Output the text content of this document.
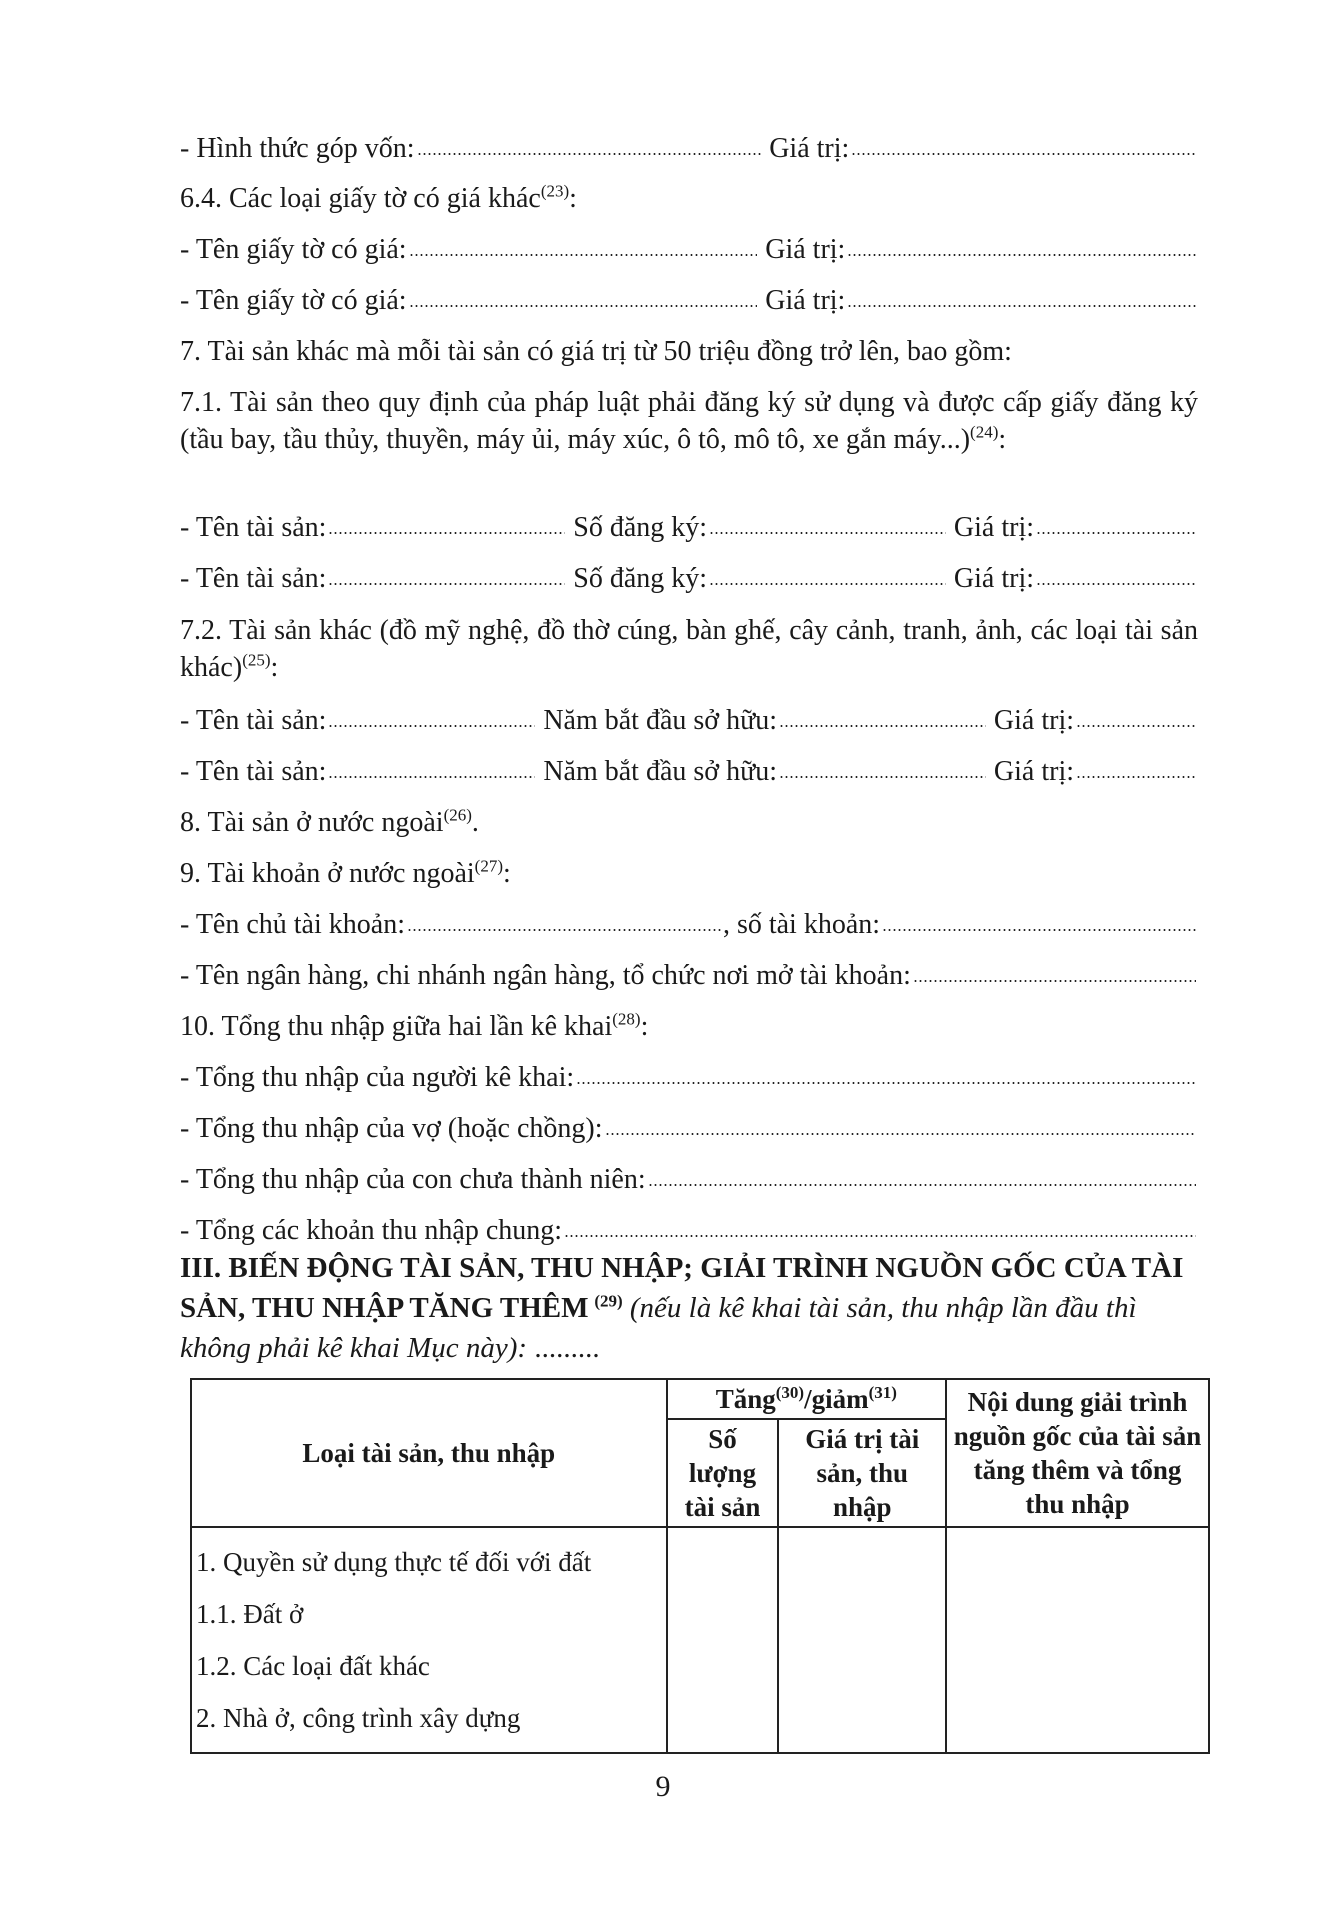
- Hình thức góp vốn:	Giá trị:
6.4. Các loại giấy tờ có giá khác$^{(23)}$:
- Tên giấy tờ có giá:	Giá trị:
- Tên giấy tờ có giá:	Giá trị:
7. Tài sản khác mà mỗi tài sản có giá trị từ 50 triệu đồng trở lên, bao gồm:
7.1. Tài sản theo quy định của pháp luật phải đăng ký sử dụng và được cấp giấy đăng ký (tầu bay, tầu thủy, thuyền, máy ủi, máy xúc, ô tô, mô tô, xe gắn máy...)$^{(24)}$:
- Tên tài sản:	Số đăng ký:	Giá trị:
- Tên tài sản:	Số đăng ký:	Giá trị:
7.2. Tài sản khác (đồ mỹ nghệ, đồ thờ cúng, bàn ghế, cây cảnh, tranh, ảnh, các loại tài sản khác)$^{(25)}$:
- Tên tài sản:	Năm bắt đầu sở hữu:	Giá trị:
- Tên tài sản:	Năm bắt đầu sở hữu:	Giá trị:
8. Tài sản ở nước ngoài$^{(26)}$.
9. Tài khoản ở nước ngoài$^{(27)}$:
- Tên chủ tài khoản:	, số tài khoản:
- Tên ngân hàng, chi nhánh ngân hàng, tổ chức nơi mở tài khoản:
10. Tổng thu nhập giữa hai lần kê khai$^{(28)}$:
- Tổng thu nhập của người kê khai:
- Tổng thu nhập của vợ (hoặc chồng):
- Tổng thu nhập của con chưa thành niên:
- Tổng các khoản thu nhập chung:
III. BIẾN ĐỘNG TÀI SẢN, THU NHẬP; GIẢI TRÌNH NGUỒN GỐC CỦA TÀI SẢN, THU NHẬP TĂNG THÊM  $^{(29)}$ (nếu là kê khai tài sản, thu nhập lần đầu thì không phải kê khai Mục này): .........
Loại tài sản, thu nhập	Tăng$^{(30)}$/giảm$^{(31)}$		Nội dung giải trình nguồn gốc của tài sản tăng thêm và tổng thu nhập
	Số lượng tài sản	Giá trị tài sản, thu nhập	

1. Quyền sử dụng thực tế đối với đất
1.1. Đất ở
1.2. Các loại đất khác
2. Nhà ở, công trình xây dựng			

9
